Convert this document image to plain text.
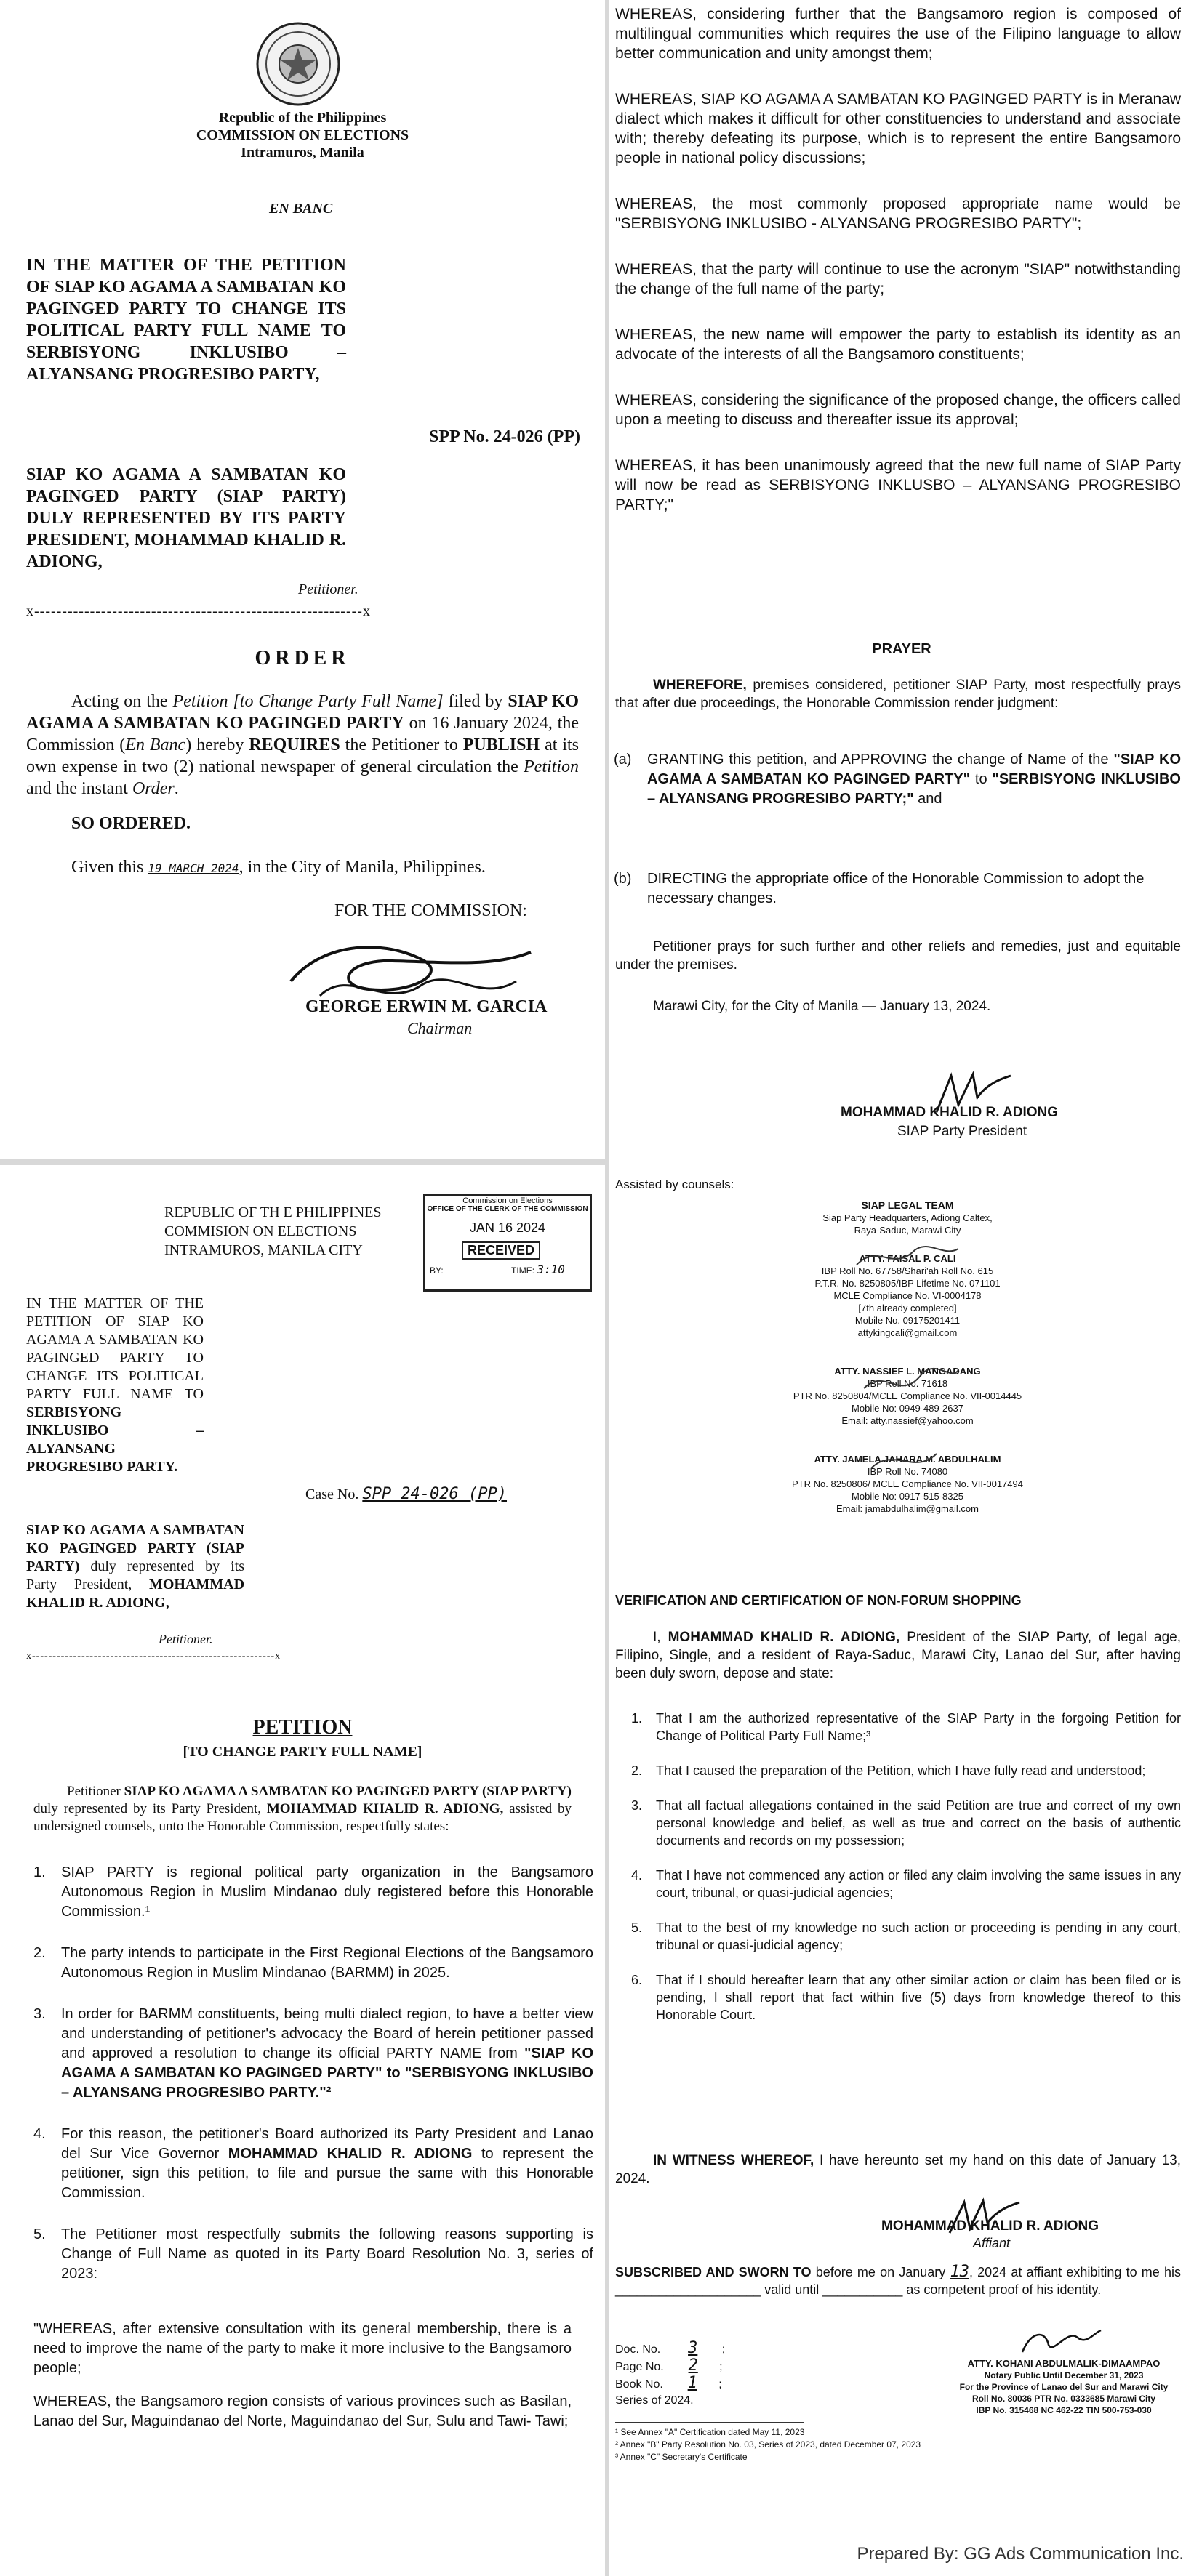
Republic of the Philippines
COMMISSION ON ELECTIONS
Intramuros, Manila
EN BANC
IN THE MATTER OF THE PETITION OF SIAP KO AGAMA A SAMBATAN KO PAGINGED PARTY TO CHANGE ITS POLITICAL PARTY FULL NAME TO SERBISYONG INKLUSIBO – ALYANSANG PROGRESIBO PARTY,
SPP No. 24-026 (PP)
SIAP KO AGAMA A SAMBATAN KO PAGINGED PARTY (SIAP PARTY) DULY REPRESENTED BY ITS PARTY PRESIDENT, MOHAMMAD KHALID R. ADIONG,
Petitioner.
x-----------------------------------------------------------x
ORDER
Acting on the Petition [to Change Party Full Name] filed by SIAP KO AGAMA A SAMBATAN KO PAGINGED PARTY on 16 January 2024, the Commission (En Banc) hereby REQUIRES the Petitioner to PUBLISH at its own expense in two (2) national newspaper of general circulation the Petition and the instant Order.
SO ORDERED.
Given this 19 MARCH 2024, in the City of Manila, Philippines.
FOR THE COMMISSION:
GEORGE ERWIN M. GARCIA
Chairman
REPUBLIC OF TH E PHILIPPINES
COMMISION ON ELECTIONS
INTRAMUROS, MANILA CITY
Commission on Elections
OFFICE OF THE CLERK OF THE COMMISSION
JAN 16 2024
RECEIVED
BY:	TIME: 3:10
IN THE MATTER OF THE PETITION OF SIAP KO AGAMA A SAMBATAN KO PAGINGED PARTY TO CHANGE ITS POLITICAL PARTY FULL NAME TO SERBISYONG INKLUSIBO – ALYANSANG PROGRESIBO PARTY.
Case No. SPP 24-026 (PP)
SIAP KO AGAMA A SAMBATAN KO PAGINGED PARTY (SIAP PARTY) duly represented by its Party President, MOHAMMAD KHALID R. ADIONG,
Petitioner.
x-----------------------------------------------------------x
PETITION
[TO CHANGE PARTY FULL NAME]
Petitioner SIAP KO AGAMA A SAMBATAN KO PAGINGED PARTY (SIAP PARTY) duly represented by its Party President, MOHAMMAD KHALID R. ADIONG, assisted by undersigned counsels, unto the Honorable Commission, respectfully states:
1.	SIAP PARTY is regional political party organization in the Bangsamoro Autonomous Region in Muslim Mindanao duly registered before this Honorable Commission.¹
2.	The party intends to participate in the First Regional Elections of the Bangsamoro Autonomous Region in Muslim Mindanao (BARMM) in 2025.
3.	In order for BARMM constituents, being multi dialect region, to have a better view and understanding of petitioner's advocacy the Board of herein petitioner passed and approved a resolution to change its official PARTY NAME from "SIAP KO AGAMA A SAMBATAN KO PAGINGED PARTY" to "SERBISYONG INKLUSIBO – ALYANSANG PROGRESIBO PARTY."²
4.	For this reason, the petitioner's Board authorized its Party President and Lanao del Sur Vice Governor MOHAMMAD KHALID R. ADIONG to represent the petitioner, sign this petition, to file and pursue the same with this Honorable Commission.
5.	The Petitioner most respectfully submits the following reasons supporting is Change of Full Name as quoted in its Party Board Resolution No. 3, series of 2023:
"WHEREAS, after extensive consultation with its general membership, there is a need to improve the name of the party to make it more inclusive to the Bangsamoro people;
WHEREAS, the Bangsamoro region consists of various provinces such as Basilan, Lanao del Sur, Maguindanao del Norte, Maguindanao del Sur, Sulu and Tawi- Tawi;
WHEREAS, considering further that the Bangsamoro region is composed of multilingual communities which requires the use of the Filipino language to allow better communication and unity amongst them;
WHEREAS, SIAP KO AGAMA A SAMBATAN KO PAGINGED PARTY is in Meranaw dialect which makes it difficult for other constituencies to understand and associate with; thereby defeating its purpose, which is to represent the entire Bangsamoro people in national policy discussions;
WHEREAS, the most commonly proposed appropriate name would be "SERBISYONG INKLUSIBO - ALYANSANG PROGRESIBO PARTY";
WHEREAS, that the party will continue to use the acronym "SIAP" notwithstanding the change of the full name of the party;
WHEREAS, the new name will empower the party to establish its identity as an advocate of the interests of all the Bangsamoro constituents;
WHEREAS, considering the significance of the proposed change, the officers called upon a meeting to discuss and thereafter issue its approval;
WHEREAS, it has been unanimously agreed that the new full name of SIAP Party will now be read as SERBISYONG INKLUSBO – ALYANSANG PROGRESIBO PARTY;"
PRAYER
WHEREFORE, premises considered, petitioner SIAP Party, most respectfully prays that after due proceedings, the Honorable Commission render judgment:
(a)	GRANTING this petition, and APPROVING the change of Name of the "SIAP KO AGAMA A SAMBATAN KO PAGINGED PARTY" to "SERBISYONG INKLUSIBO – ALYANSANG PROGRESIBO PARTY;" and
(b)	DIRECTING the appropriate office of the Honorable Commission to adopt the necessary changes.
Petitioner prays for such further and other reliefs and remedies, just and equitable under the premises.
Marawi City, for the City of Manila — January 13, 2024.
MOHAMMAD KHALID R. ADIONG
SIAP Party President
Assisted by counsels:
SIAP LEGAL TEAM
Siap Party Headquarters, Adiong Caltex,
Raya-Saduc, Marawi City
ATTY. FAISAL P. CALI
IBP Roll No. 67758/Shari'ah Roll No. 615
P.T.R. No. 8250805/IBP Lifetime No. 071101
MCLE Compliance No. VI-0004178
[7th already completed]
Mobile No. 09175201411
attykingcali@gmail.com
ATTY. NASSIEF L. MANGADANG
IBP Roll No. 71618
PTR No. 8250804/MCLE Compliance No. VII-0014445
Mobile No: 0949-489-2637
Email: atty.nassief@yahoo.com
ATTY. JAMELA JAHARA M. ABDULHALIM
IBP Roll No. 74080
PTR No. 8250806/ MCLE Compliance No. VII-0017494
Mobile No: 0917-515-8325
Email: jamabdulhalim@gmail.com
VERIFICATION AND CERTIFICATION OF NON-FORUM SHOPPING
I, MOHAMMAD KHALID R. ADIONG, President of the SIAP Party, of legal age, Filipino, Single, and a resident of Raya-Saduc, Marawi City, Lanao del Sur, after having been duly sworn, depose and state:
1.	That I am the authorized representative of the SIAP Party in the forgoing Petition for Change of Political Party Full Name;³
2.	That I caused the preparation of the Petition, which I have fully read and understood;
3.	That all factual allegations contained in the said Petition are true and correct of my own personal knowledge and belief, as well as true and correct on the basis of authentic documents and records on my possession;
4.	That I have not commenced any action or filed any claim involving the same issues in any court, tribunal, or quasi-judicial agencies;
5.	That to the best of my knowledge no such action or proceeding is pending in any court, tribunal or quasi-judicial agency;
6.	That if I should hereafter learn that any other similar action or claim has been filed or is pending, I shall report that fact within five (5) days from knowledge thereof to this Honorable Court.
IN WITNESS WHEREOF, I have hereunto set my hand on this date of January 13, 2024.
MOHAMMAD KHALID R. ADIONG
Affiant
SUBSCRIBED AND SWORN TO before me on January 13, 2024 at affiant exhibiting to me his ____________________ valid until ___________ as competent proof of his identity.
Doc. No. 3 ;
Page No. 2 ;
Book No. 1 ;
Series of 2024.
ATTY. KOHANI ABDULMALIK-DIMAAMPAO
Notary Public Until December 31, 2023
For the Province of Lanao del Sur and Marawi City
Roll No. 80036 PTR No. 0333685 Marawi City
IBP No. 315468 NC 462-22 TIN 500-753-030
¹ See Annex "A" Certification dated May 11, 2023
² Annex "B" Party Resolution No. 03, Series of 2023, dated December 07, 2023
³ Annex "C" Secretary's Certificate
Prepared By: GG Ads Communication Inc.
